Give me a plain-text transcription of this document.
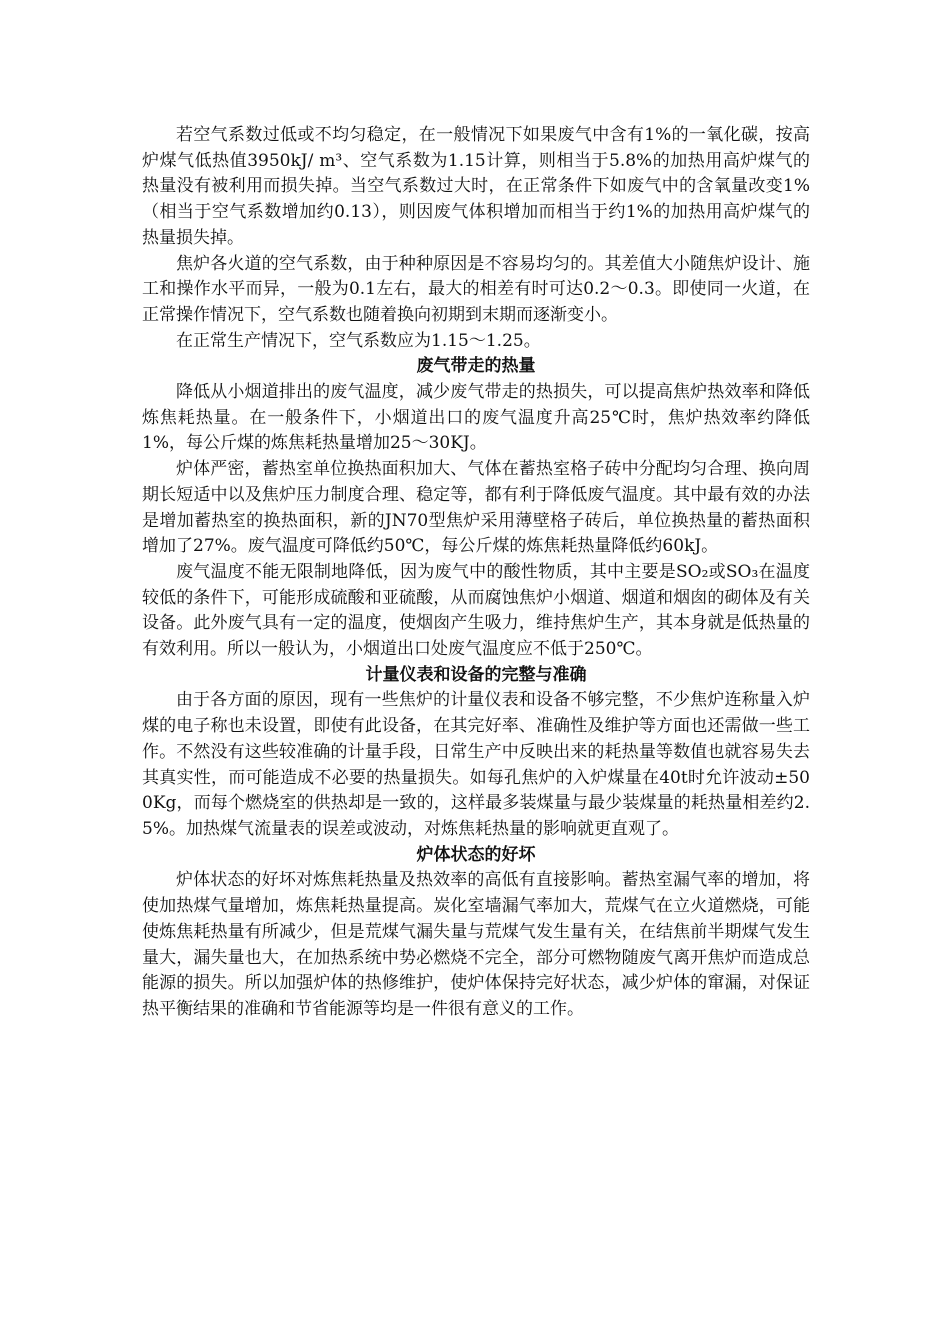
若空气系数过低或不均匀稳定，在一般情况下如果废气中含有1%的一氧化碳，按高炉煤气低热值3950kJ/ m³、空气系数为1.15计算，则相当于5.8%的加热用高炉煤气的热量没有被利用而损失掉。当空气系数过大时，在正常条件下如废气中的含氧量改变1%（相当于空气系数增加约0.13），则因废气体积增加而相当于约1%的加热用高炉煤气的热量损失掉。

焦炉各火道的空气系数，由于种种原因是不容易均匀的。其差值大小随焦炉设计、施工和操作水平而异，一般为0.1左右，最大的相差有时可达0.2～0.3。即使同一火道，在正常操作情况下，空气系数也随着换向初期到末期而逐渐变小。

在正常生产情况下，空气系数应为1.15～1.25。

废气带走的热量

降低从小烟道排出的废气温度，减少废气带走的热损失，可以提高焦炉热效率和降低炼焦耗热量。在一般条件下，小烟道出口的废气温度升高25℃时，焦炉热效率约降低1%，每公斤煤的炼焦耗热量增加25～30KJ。

炉体严密，蓄热室单位换热面积加大、气体在蓄热室格子砖中分配均匀合理、换向周期长短适中以及焦炉压力制度合理、稳定等，都有利于降低废气温度。其中最有效的办法是增加蓄热室的换热面积，新的JN70型焦炉采用薄壁格子砖后，单位换热量的蓄热面积增加了27%。废气温度可降低约50℃，每公斤煤的炼焦耗热量降低约60kJ。

废气温度不能无限制地降低，因为废气中的酸性物质，其中主要是SO₂或SO₃在温度较低的条件下，可能形成硫酸和亚硫酸，从而腐蚀焦炉小烟道、烟道和烟囱的砌体及有关设备。此外废气具有一定的温度，使烟囱产生吸力，维持焦炉生产，其本身就是低热量的有效利用。所以一般认为，小烟道出口处废气温度应不低于250℃。

计量仪表和设备的完整与准确

由于各方面的原因，现有一些焦炉的计量仪表和设备不够完整，不少焦炉连称量入炉煤的电子称也未设置，即使有此设备，在其完好率、准确性及维护等方面也还需做一些工作。不然没有这些较准确的计量手段，日常生产中反映出来的耗热量等数值也就容易失去其真实性，而可能造成不必要的热量损失。如每孔焦炉的入炉煤量在40t时允许波动±500Kg，而每个燃烧室的供热却是一致的，这样最多装煤量与最少装煤量的耗热量相差约2.5%。加热煤气流量表的误差或波动，对炼焦耗热量的影响就更直观了。

炉体状态的好坏

炉体状态的好坏对炼焦耗热量及热效率的高低有直接影响。蓄热室漏气率的增加，将使加热煤气量增加，炼焦耗热量提高。炭化室墙漏气率加大，荒煤气在立火道燃烧，可能使炼焦耗热量有所减少，但是荒煤气漏失量与荒煤气发生量有关，在结焦前半期煤气发生量大，漏失量也大，在加热系统中势必燃烧不完全，部分可燃物随废气离开焦炉而造成总能源的损失。所以加强炉体的热修维护，使炉体保持完好状态，减少炉体的窜漏，对保证热平衡结果的准确和节省能源等均是一件很有意义的工作。
